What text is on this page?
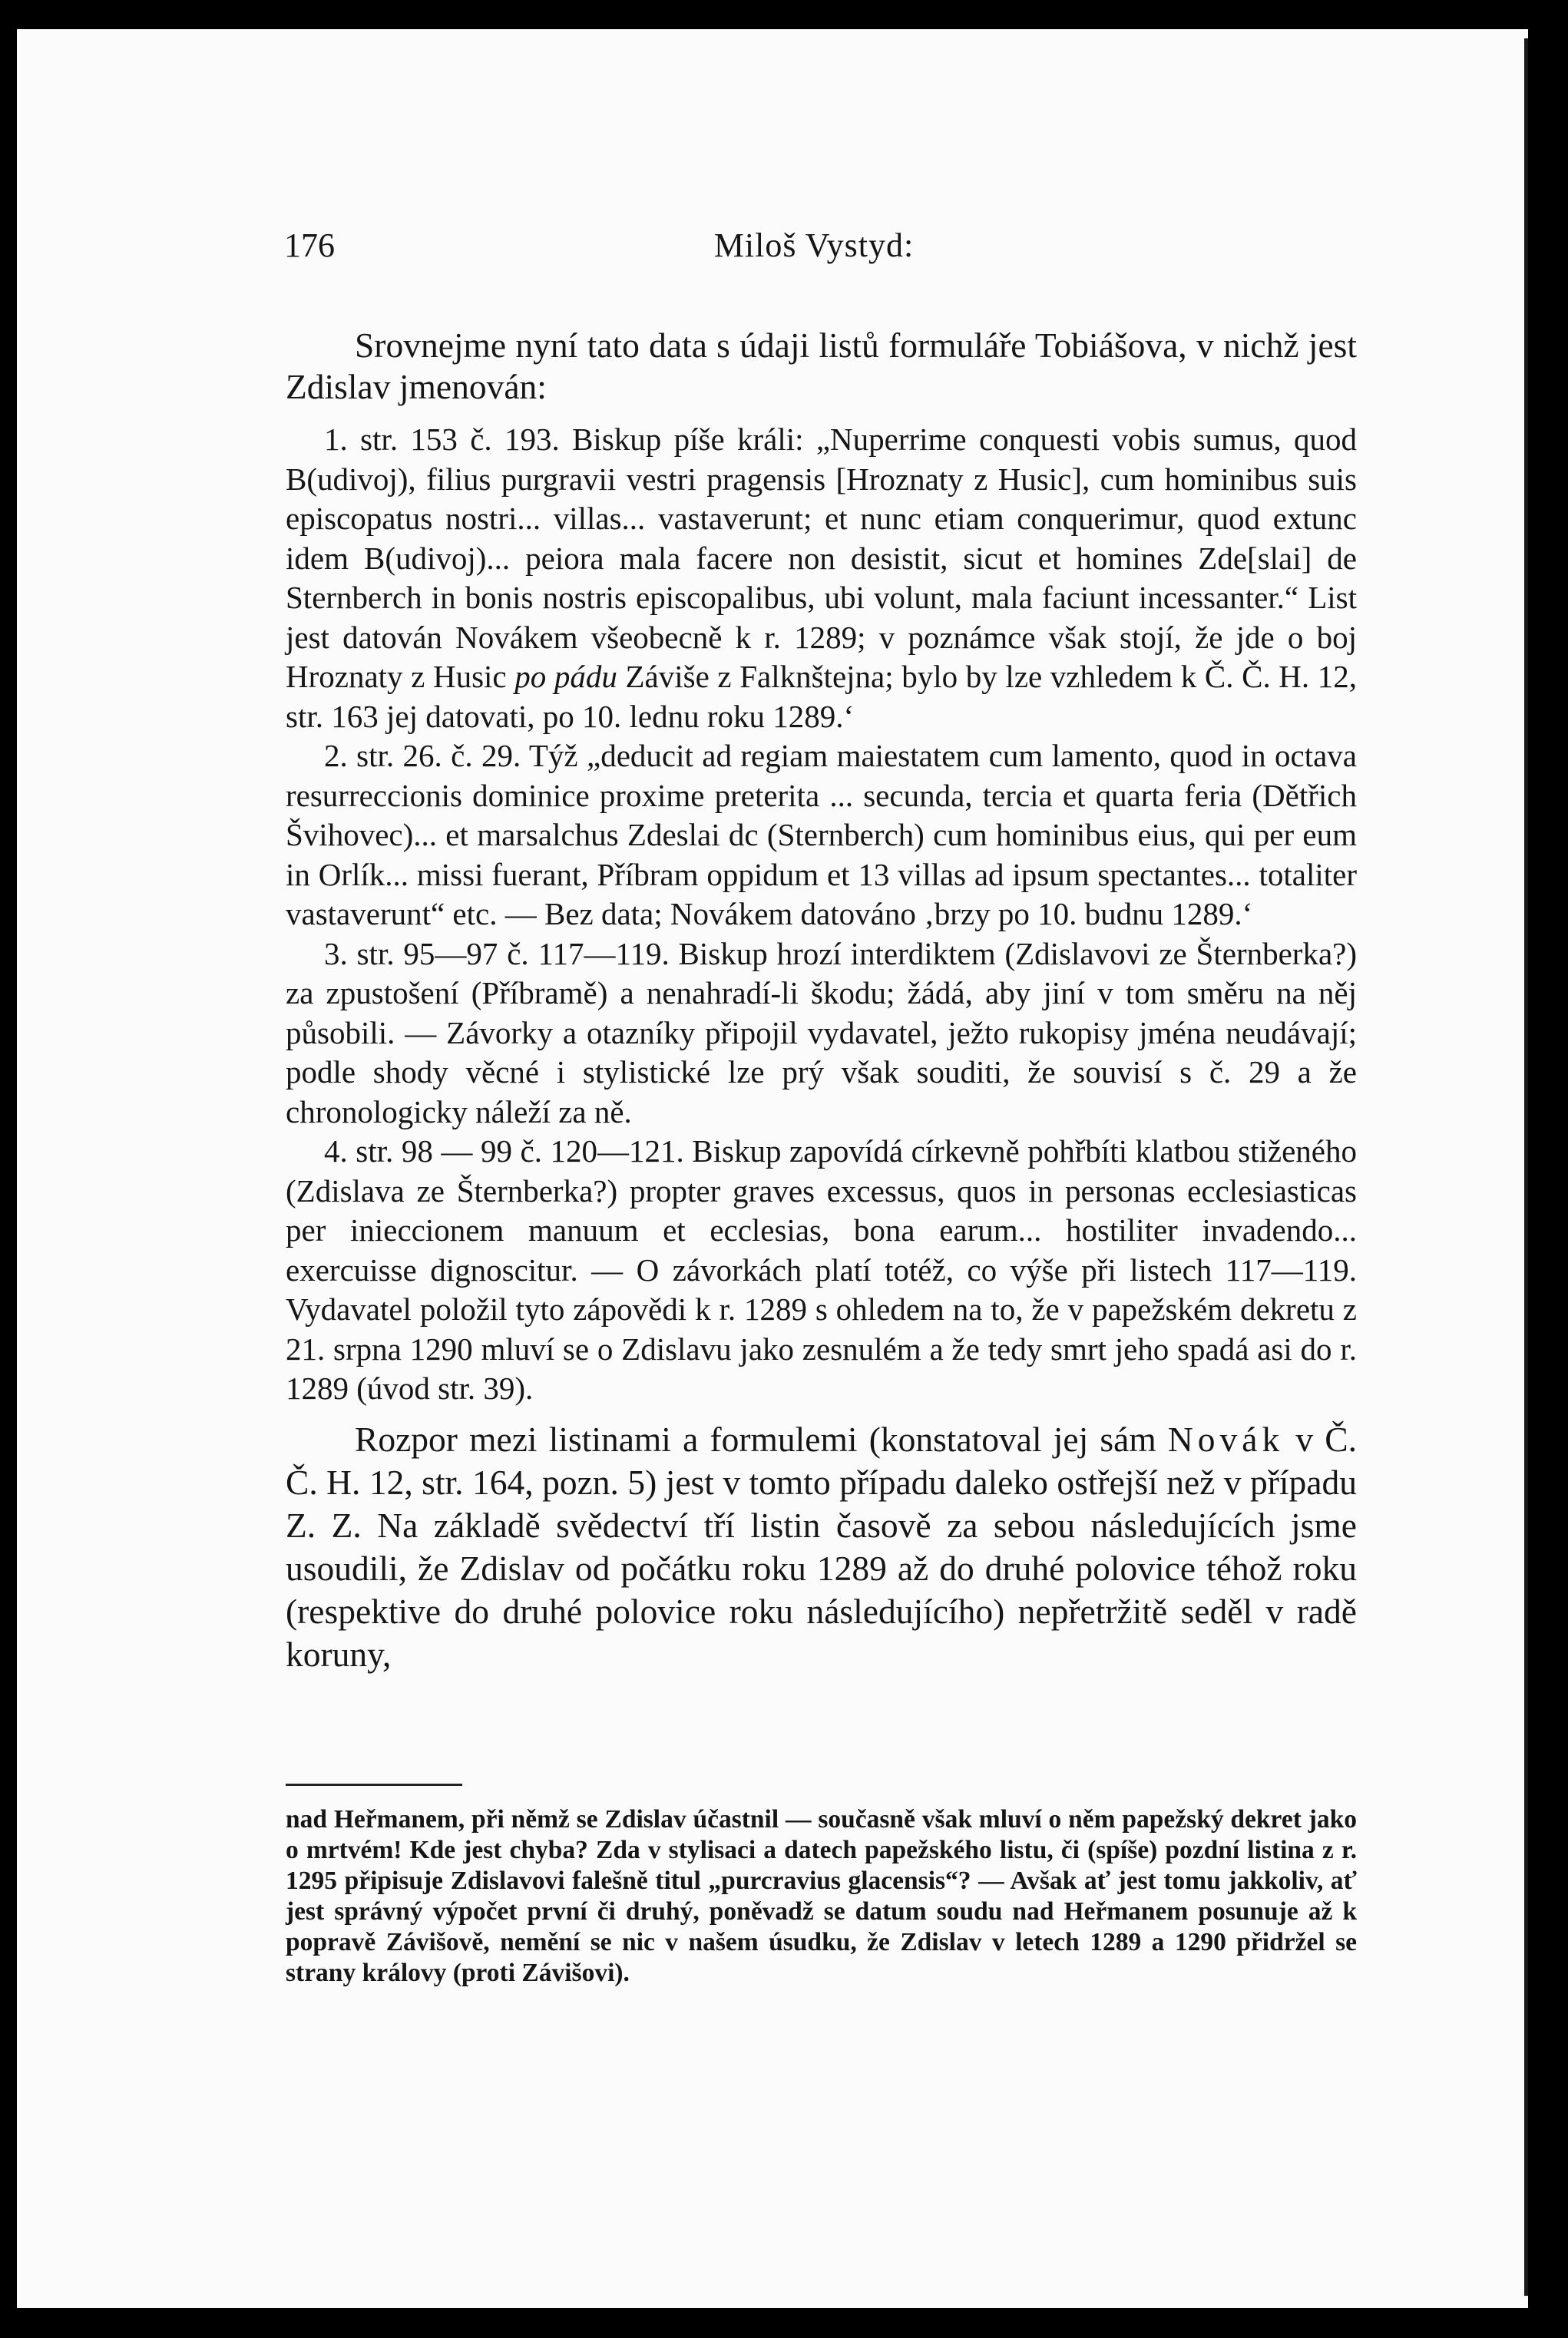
176	Miloš Vystyd:

Srovnejme nyní tato data s údaji listů formuláře Tobiášova, v nichž jest Zdislav jmenován:

1. str. 153 č. 193. Biskup píše králi: „Nuperrime conquesti vobis sumus, quod B(udivoj), filius purgravii vestri pragensis [Hroznaty z Husic], cum hominibus suis episcopatus nostri... villas... vastaverunt; et nunc etiam conquerimur, quod extunc idem B(udivoj)... peiora mala facere non desistit, sicut et homines Zde[slai] de Sternberch in bonis nostris episcopalibus, ubi volunt, mala faciunt incessanter.“ List jest datován Novákem všeobecně k r. 1289; v poznámce však stojí, že jde o boj Hroznaty z Husic po pádu Záviše z Falknštejna; bylo by lze vzhledem k Č. Č. H. 12, str. 163 jej datovati, po 10. lednu roku 1289.‘

2. str. 26. č. 29. Týž „deducit ad regiam maiestatem cum lamento, quod in octava resurreccionis dominice proxime preterita ... secunda, tercia et quarta feria (Dětřich Švihovec)... et marsalchus Zdeslai dc (Sternberch) cum hominibus eius, qui per eum in Orlík... missi fuerant, Příbram oppidum et 13 villas ad ipsum spectantes... totaliter vastaverunt“ etc. — Bez data; Novákem datováno ‚brzy po 10. budnu 1289.‘

3. str. 95—97 č. 117—119. Biskup hrozí interdiktem (Zdislavovi ze Šternberka?) za zpustošení (Příbramě) a nenahradí-li škodu; žádá, aby jiní v tom směru na něj působili. — Závorky a otazníky připojil vydavatel, ježto rukopisy jména neudávají; podle shody věcné i stylistické lze prý však souditi, že souvisí s č. 29 a že chronologicky náleží za ně.

4. str. 98 — 99 č. 120—121. Biskup zapovídá církevně pohřbíti klatbou stiženého (Zdislava ze Šternberka?) propter graves excessus, quos in personas ecclesiasticas per inieccionem manuum et ecclesias, bona earum... hostiliter invadendo... exercuisse dignoscitur. — O závorkách platí totéž, co výše při listech 117—119. Vydavatel položil tyto zápovědi k r. 1289 s ohledem na to, že v papežském dekretu z 21. srpna 1290 mluví se o Zdislavu jako zesnulém a že tedy smrt jeho spadá asi do r. 1289 (úvod str. 39).

Rozpor mezi listinami a formulemi (konstatoval jej sám Novák v Č. Č. H. 12, str. 164, pozn. 5) jest v tomto případu daleko ostřejší než v případu Z. Z. Na základě svědectví tří listin časově za sebou následujících jsme usoudili, že Zdislav od počátku roku 1289 až do druhé polovice téhož roku (respektive do druhé polovice roku následujícího) nepřetržitě seděl v radě koruny,

nad Heřmanem, při němž se Zdislav účastnil — současně však mluví o něm papežský dekret jako o mrtvém! Kde jest chyba? Zda v stylisaci a datech papežského listu, či (spíše) pozdní listina z r. 1295 připisuje Zdislavovi falešně titul „purcravius glacensis“? — Avšak ať jest tomu jakkoliv, ať jest správný výpočet první či druhý, poněvadž se datum soudu nad Heřmanem posunuje až k popravě Závišově, nemění se nic v našem úsudku, že Zdislav v letech 1289 a 1290 přidržel se strany královy (proti Závišovi).
